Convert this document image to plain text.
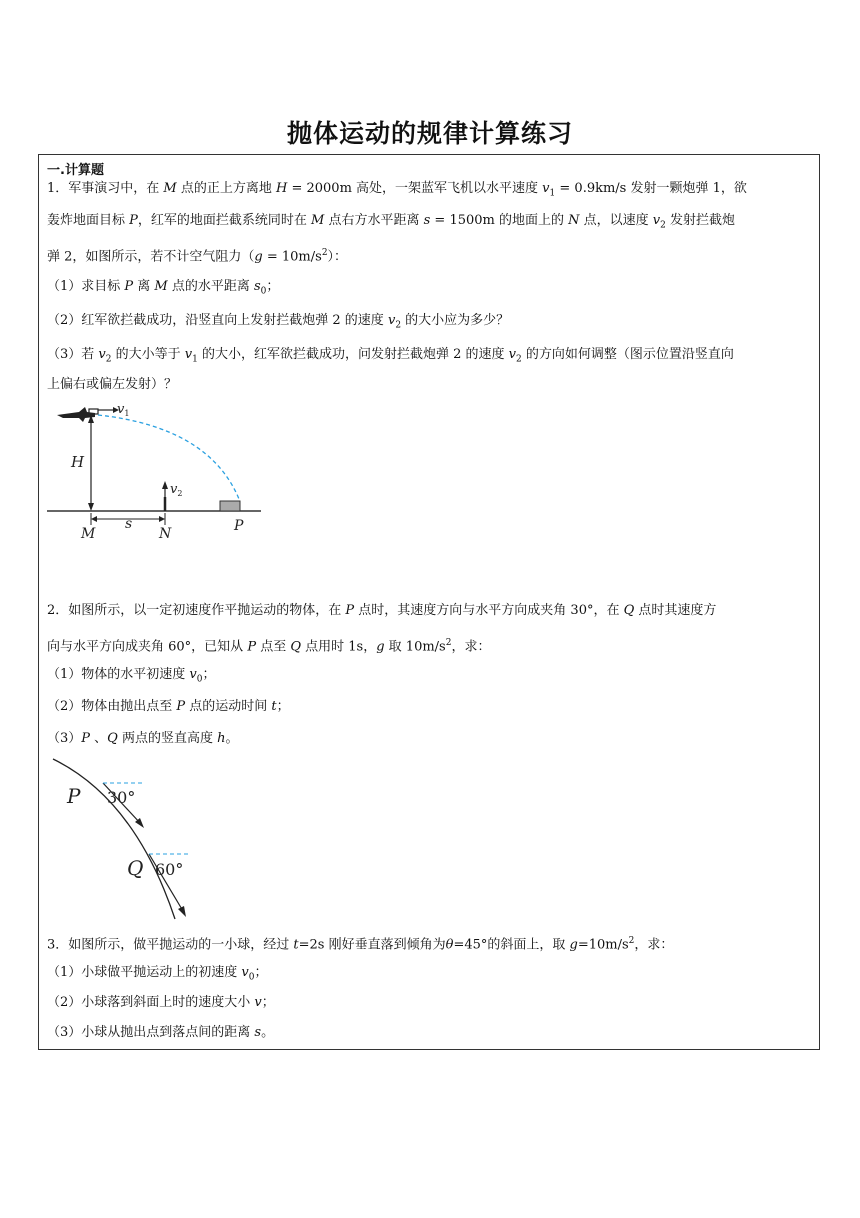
抛体运动的规律计算练习
一.计算题
1．军事演习中，在 M 点的正上方离地 H = 2000m 高处，一架蓝军飞机以水平速度 $v_1 = 0.9km/s$ 发射一颗炮弹 1，欲
轰炸地面目标 P，红军的地面拦截系统同时在 M 点右方水平距离 s = 1500m 的地面上的 N 点，以速度 $v_2$ 发射拦截炮
弹 2，如图所示，若不计空气阻力$(g = 10m/s^2)$：
（1）求目标 P 离 M 点的水平距离 $s_0$；
（2）红军欲拦截成功，沿竖直向上发射拦截炮弹 2 的速度 $v_2$ 的大小应为多少？
（3）若 $v_2$ 的大小等于 $v_1$ 的大小，红军欲拦截成功，问发射拦截炮弹 2 的速度 $v_2$ 的方向如何调整（图示位置沿竖直向
上偏右或偏左发射）？
$v_1$
H
P
$v_2$
s
M	N
2．如图所示，以一定初速度作平抛运动的物体，在 P 点时，其速度方向与水平方向成夹角 30°，在 Q 点时其速度方
向与水平方向成夹角 60°，已知从 P 点至 Q 点用时 1s，g 取 $10m/s^2$，求：
（1）物体的水平初速度 $v_0$；
（2）物体由抛出点至 P 点的运动时间 t；
（3）P 、Q 两点的竖直高度 h。
P 30°
Q 60°
3．如图所示，做平抛运动的一小球，经过 t=2s 刚好垂直落到倾角为θ=45°的斜面上，取 $g=10m/s^2$，求：
（1）小球做平抛运动上的初速度 $v_0$；
（2）小球落到斜面上时的速度大小 v；
（3）小球从抛出点到落点间的距离 s。
